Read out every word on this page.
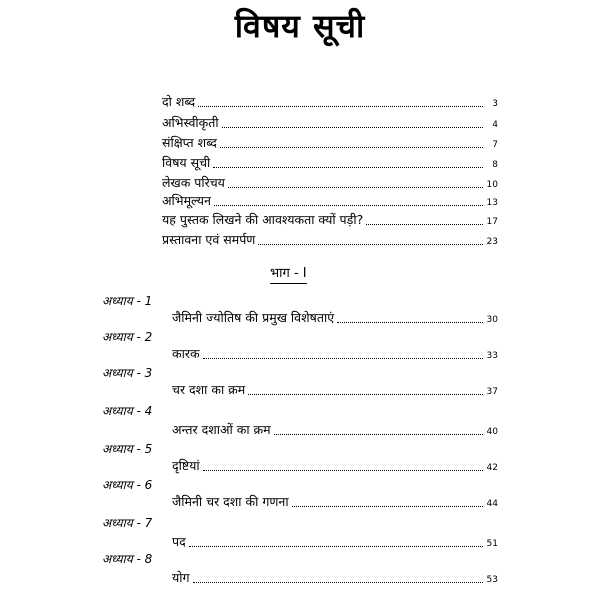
विषय सूची
दो शब्द	3
अभिस्वीकृती	4
संक्षिप्त शब्द	7
विषय सूची	8
लेखक परिचय	10
अभिमूल्यन	13
यह पुस्तक लिखने की आवश्यकता क्यों पड़ी?	17
प्रस्तावना एवं समर्पण	23
भाग - I
अध्याय - 1
जैमिनी ज्योतिष की प्रमुख विशेषताएं	30
अध्याय - 2
कारक	33
अध्याय - 3
चर दशा का क्रम	37
अध्याय - 4
अन्तर दशाओं का क्रम	40
अध्याय - 5
दृष्टियां	42
अध्याय - 6
जैमिनी चर दशा की गणना	44
अध्याय - 7
पद	51
अध्याय - 8
योग	53
